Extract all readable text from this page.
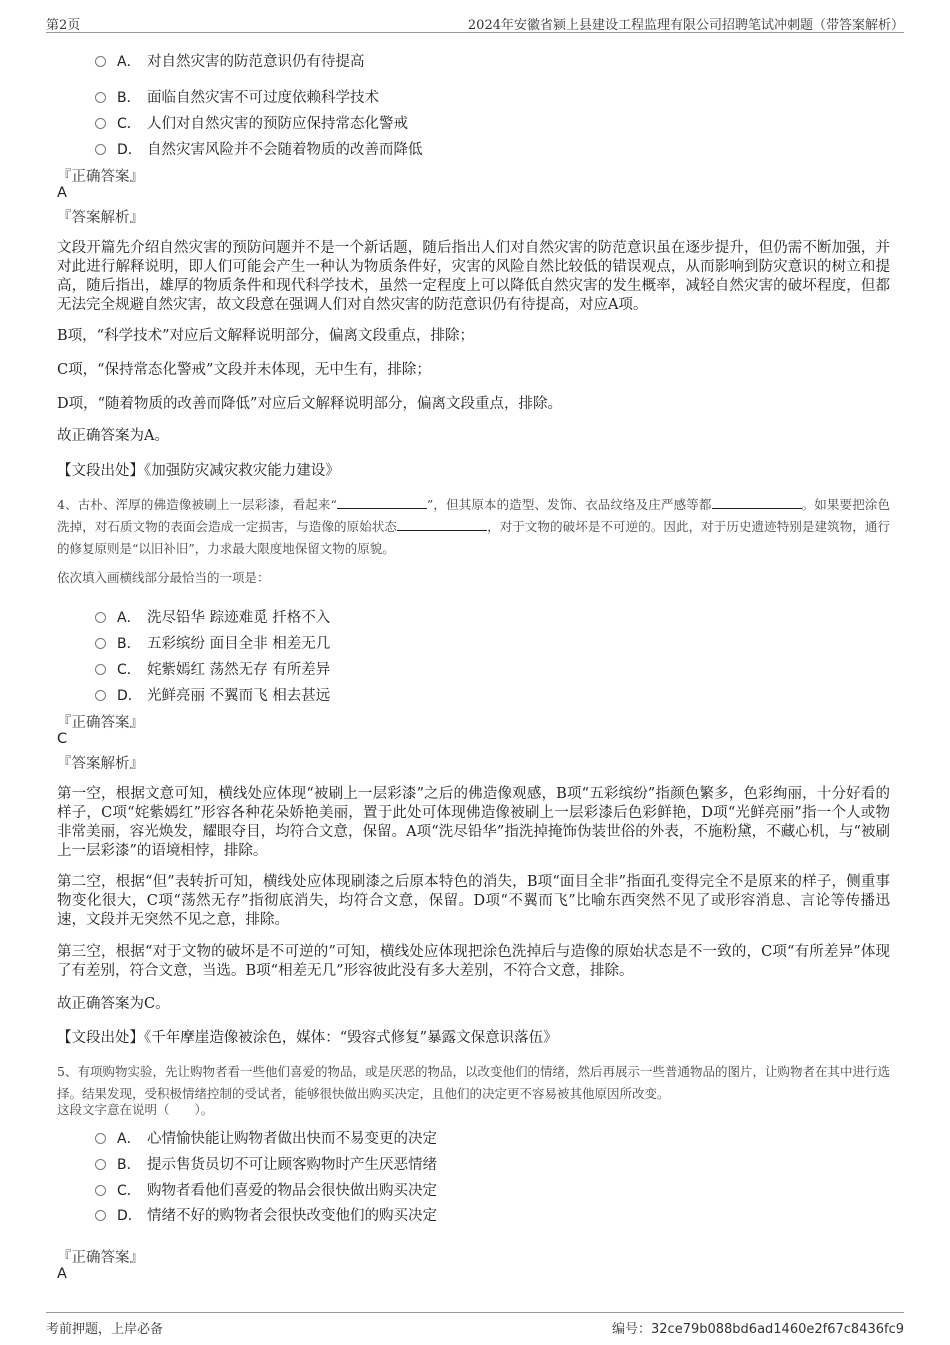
第2页	2024年安徽省颍上县建设工程监理有限公司招聘笔试冲刺题（带答案解析）
A． 对自然灾害的防范意识仍有待提高
B． 面临自然灾害不可过度依赖科学技术
C． 人们对自然灾害的预防应保持常态化警戒
D． 自然灾害风险并不会随着物质的改善而降低
『正确答案』
A
『答案解析』
文段开篇先介绍自然灾害的预防问题并不是一个新话题，随后指出人们对自然灾害的防范意识虽在逐步提升，但仍需不断加强，并对此进行解释说明，即人们可能会产生一种认为物质条件好，灾害的风险自然比较低的错误观点，从而影响到防灾意识的树立和提高，随后指出，雄厚的物质条件和现代科学技术，虽然一定程度上可以降低自然灾害的发生概率，减轻自然灾害的破坏程度，但都无法完全规避自然灾害，故文段意在强调人们对自然灾害的防范意识仍有待提高，对应A项。
B项，“科学技术”对应后文解释说明部分，偏离文段重点，排除；
C项，“保持常态化警戒”文段并未体现，无中生有，排除；
D项，“随着物质的改善而降低”对应后文解释说明部分，偏离文段重点，排除。
故正确答案为A。
【文段出处】《加强防灾减灾救灾能力建设》
4、古朴、浑厚的佛造像被刷上一层彩漆，看起来“	”，但其原本的造型、发饰、衣品纹络及庄严感等都	。如果要把涂色洗掉，对石质文物的表面会造成一定损害，与造像的原始状态	，对于文物的破坏是不可逆的。因此，对于历史遗迹特别是建筑物，通行的修复原则是“以旧补旧”，力求最大限度地保留文物的原貌。
依次填入画横线部分最恰当的一项是：
A． 洗尽铅华 踪迹难觅 扦格不入
B． 五彩缤纷 面目全非 相差无几
C． 姹紫嫣红 荡然无存 有所差异
D． 光鲜亮丽 不翼而飞 相去甚远
『正确答案』
C
『答案解析』
第一空，根据文意可知，横线处应体现“被刷上一层彩漆”之后的佛造像观感，B项“五彩缤纷”指颜色繁多，色彩绚丽，十分好看的样子，C项“姹紫嫣红”形容各种花朵娇艳美丽，置于此处可体现佛造像被刷上一层彩漆后色彩鲜艳，D项“光鲜亮丽”指一个人或物非常美丽，容光焕发，耀眼夺目，均符合文意，保留。A项“洗尽铅华”指洗掉掩饰伪装世俗的外表，不施粉黛，不藏心机，与“被刷上一层彩漆”的语境相悖，排除。
第二空，根据“但”表转折可知，横线处应体现刷漆之后原本特色的消失，B项“面目全非”指面孔变得完全不是原来的样子，侧重事物变化很大，C项“荡然无存”指彻底消失，均符合文意，保留。D项“不翼而飞”比喻东西突然不见了或形容消息、言论等传播迅速，文段并无突然不见之意，排除。
第三空，根据“对于文物的破坏是不可逆的”可知，横线处应体现把涂色洗掉后与造像的原始状态是不一致的，C项“有所差异”体现了有差别，符合文意，当选。B项“相差无几”形容彼此没有多大差别，不符合文意，排除。
故正确答案为C。
【文段出处】《千年摩崖造像被涂色，媒体：“毁容式修复”暴露文保意识落伍》
5、有项购物实验，先让购物者看一些他们喜爱的物品，或是厌恶的物品，以改变他们的情绪，然后再展示一些普通物品的图片，让购物者在其中进行选择。结果发现，受积极情绪控制的受试者，能够很快做出购买决定，且他们的决定更不容易被其他原因所改变。
这段文字意在说明（　　）。
A． 心情愉快能让购物者做出快而不易变更的决定
B． 提示售货员切不可让顾客购物时产生厌恶情绪
C． 购物者看他们喜爱的物品会很快做出购买决定
D． 情绪不好的购物者会很快改变他们的购买决定
『正确答案』
A
考前押题，上岸必备	编号：32ce79b088bd6ad1460e2f67c8436fc9
